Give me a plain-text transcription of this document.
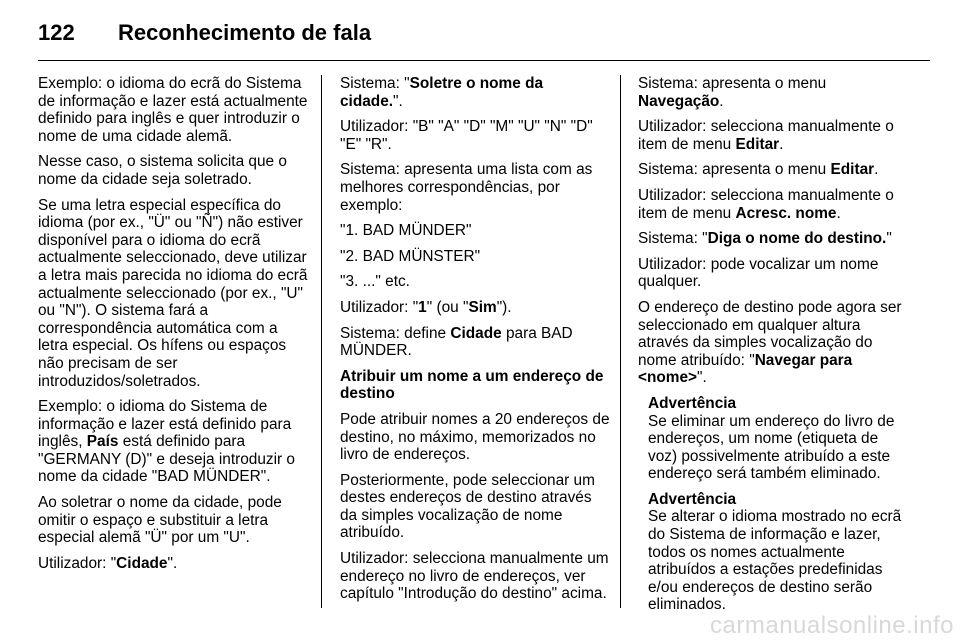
122	Reconhecimento de fala

Exemplo: o idioma do ecrã do Sistema de informação e lazer está actualmente definido para inglês e quer introduzir o nome de uma cidade alemã.

Nesse caso, o sistema solicita que o nome da cidade seja soletrado.

Se uma letra especial específica do idioma (por ex., "Ü" ou "Ñ") não estiver disponível para o idioma do ecrã actualmente seleccionado, deve utilizar a letra mais parecida no idioma do ecrã actualmente seleccionado (por ex., "U" ou "N"). O sistema fará a correspondência automática com a letra especial. Os hífens ou espaços não precisam de ser introduzidos/soletrados.

Exemplo: o idioma do Sistema de informação e lazer está definido para inglês, País está definido para "GERMANY (D)" e deseja introduzir o nome da cidade "BAD MÜNDER".

Ao soletrar o nome da cidade, pode omitir o espaço e substituir a letra especial alemã "Ü" por um "U".

Utilizador: "Cidade".

Sistema: "Soletre o nome da cidade.".

Utilizador: "B" "A" "D" "M" "U" "N" "D" "E" "R".

Sistema: apresenta uma lista com as melhores correspondências, por exemplo:

"1. BAD MÜNDER"

"2. BAD MÜNSTER"

"3. ..." etc.

Utilizador: "1" (ou "Sim").

Sistema: define Cidade para BAD MÜNDER.

Atribuir um nome a um endereço de destino

Pode atribuir nomes a 20 endereços de destino, no máximo, memorizados no livro de endereços.

Posteriormente, pode seleccionar um destes endereços de destino através da simples vocalização de nome atribuído.

Utilizador: selecciona manualmente um endereço no livro de endereços, ver capítulo "Introdução do destino" acima.

Sistema: apresenta o menu Navegação.

Utilizador: selecciona manualmente o item de menu Editar.

Sistema: apresenta o menu Editar.

Utilizador: selecciona manualmente o item de menu Acresc. nome.

Sistema: "Diga o nome do destino."

Utilizador: pode vocalizar um nome qualquer.

O endereço de destino pode agora ser seleccionado em qualquer altura através da simples vocalização do nome atribuído: "Navegar para <nome>".

Advertência
Se eliminar um endereço do livro de endereços, um nome (etiqueta de voz) possivelmente atribuído a este endereço será também eliminado.

Advertência
Se alterar o idioma mostrado no ecrã do Sistema de informação e lazer, todos os nomes actualmente atribuídos a estações predefinidas e/ou endereços de destino serão eliminados.

carmanualsonline.info
